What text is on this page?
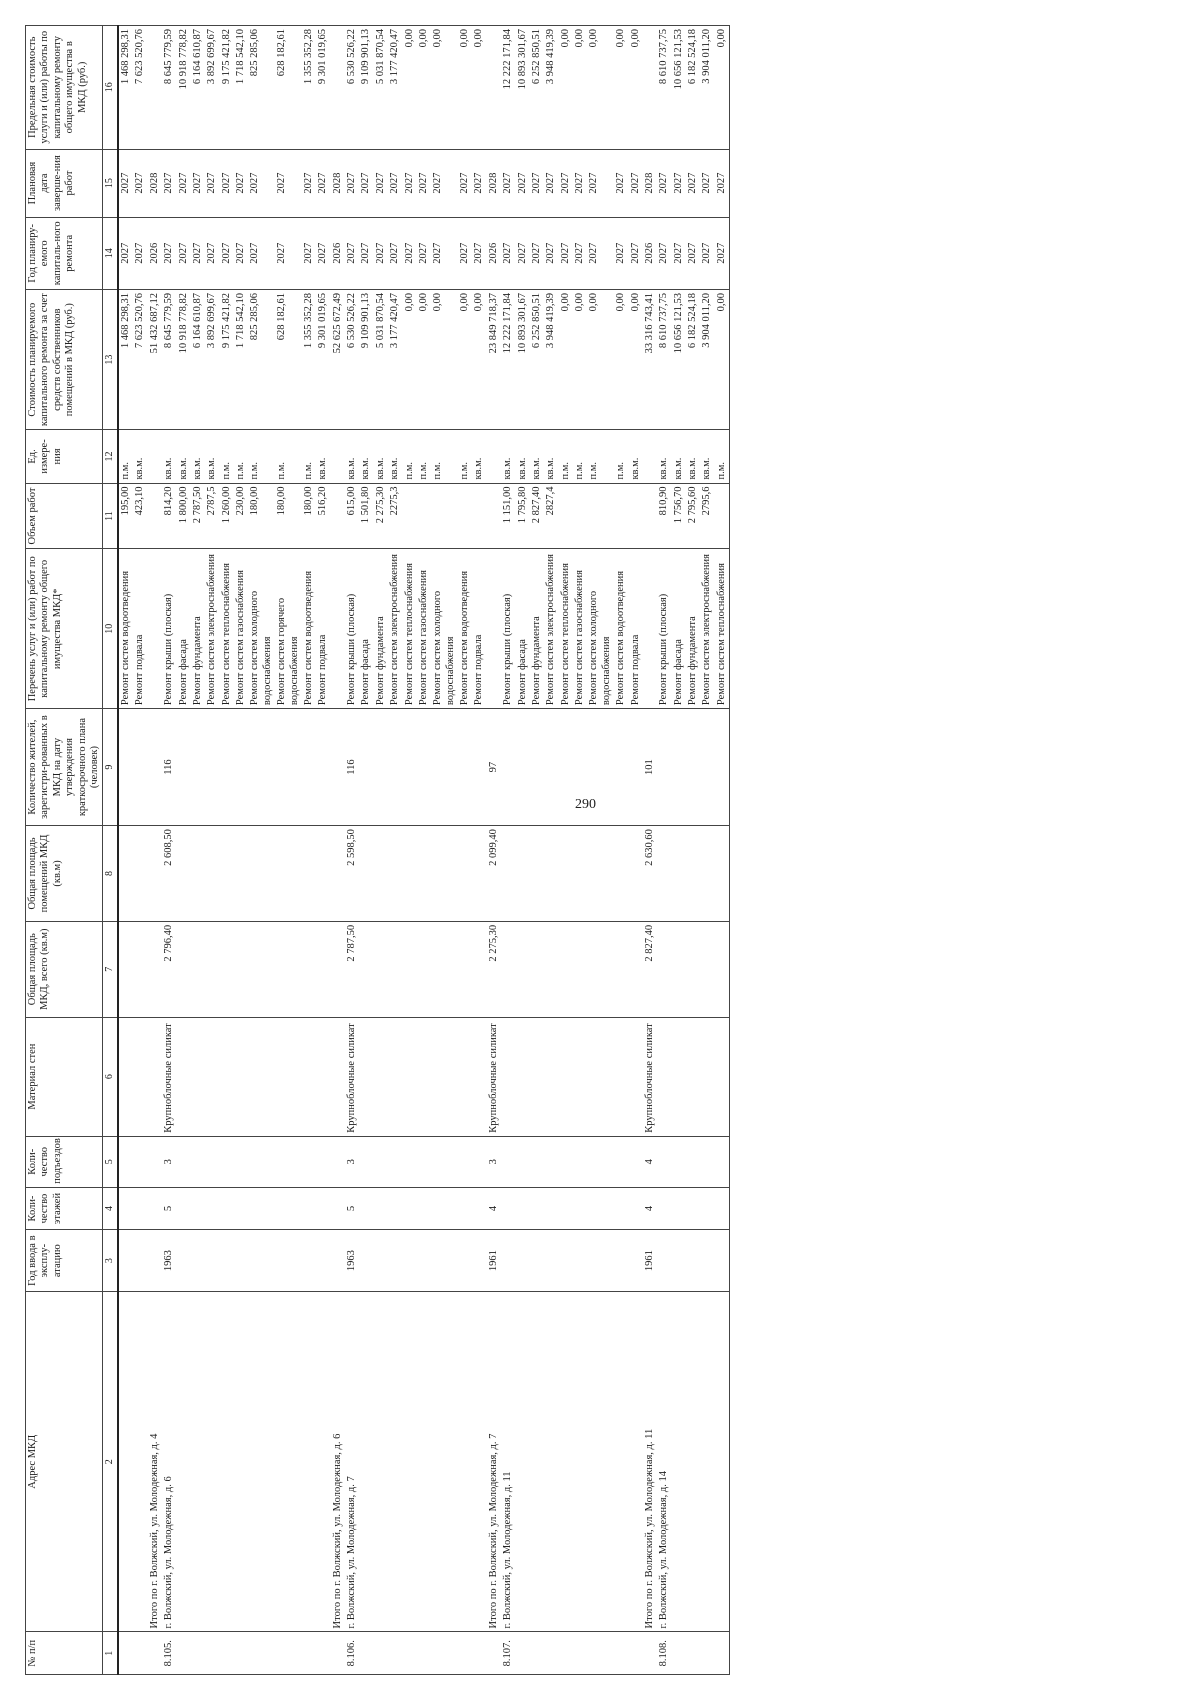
290
№ п/п	Адрес МКД	Год ввода в эксплу-атацию	Коли-чество этажей	Коли-чество подъездов	Материал стен	Общая площадь МКД, всего (кв.м)	Общая площадь помещений МКД (кв.м)	Количество жителей, зарегистри-рованных в МКД на дату утверждения краткосрочного плана (человек)	Перечень услуг и (или) работ по капитальному ремонту общего имущества МКД*	Объем работ	Ед. измере-ния	Стоимость планируемого капитального ремонта за счет средств собственников помещений в МКД (руб.)	Год планиру-емого капиталь-ного ремонта	Плановая дата заверше-ния работ	Предельная стоимость услуги и (или) работы по капитальному ремонту общего имущества в МКД (руб.)
1	2	3	4	5	6	7	8	9	10	11	12	13	14	15	16
									Ремонт систем водоотведения	195,00	п.м.	1 468 298,31	2027	2027	1 468 298,31
									Ремонт подвала	423,10	кв.м.	7 623 520,76	2027	2027	7 623 520,76
	Итого по г. Волжский, ул. Молодежная, д. 4											51 432 687,12	2026	2028	
8.105.	г. Волжский, ул. Молодежная, д. 6	1963	5	3	Крупноблочные силикат	2 796,40	2 608,50	116	Ремонт крыши (плоская)	814,20	кв.м.	8 645 779,59	2027	2027	8 645 779,59
									Ремонт фасада	1 800,00	кв.м.	10 918 778,82	2027	2027	10 918 778,82
									Ремонт фундамента	2 787,50	кв.м.	6 164 610,87	2027	2027	6 164 610,87
									Ремонт систем электроснабжения	2787,5	кв.м.	3 892 699,67	2027	2027	3 892 699,67
									Ремонт систем теплоснабжения	1 260,00	п.м.	9 175 421,82	2027	2027	9 175 421,82
									Ремонт систем газоснабжения	230,00	п.м.	1 718 542,10	2027	2027	1 718 542,10
									Ремонт систем холодного водоснабжения	180,00	п.м.	825 285,06	2027	2027	825 285,06
									Ремонт систем горячего водоснабжения	180,00	п.м.	628 182,61	2027	2027	628 182,61
									Ремонт систем водоотведения	180,00	п.м.	1 355 352,28	2027	2027	1 355 352,28
									Ремонт подвала	516,20	кв.м.	9 301 019,65	2027	2027	9 301 019,65
	Итого по г. Волжский, ул. Молодежная, д. 6											52 625 672,49	2026	2028	
8.106.	г. Волжский, ул. Молодежная, д. 7	1963	5	3	Крупноблочные силикат	2 787,50	2 598,50	116	Ремонт крыши (плоская)	615,00	кв.м.	6 530 526,22	2027	2027	6 530 526,22
									Ремонт фасада	1 501,80	кв.м.	9 109 901,13	2027	2027	9 109 901,13
									Ремонт фундамента	2 275,30	кв.м.	5 031 870,54	2027	2027	5 031 870,54
									Ремонт систем электроснабжения	2275,3	кв.м.	3 177 420,47	2027	2027	3 177 420,47
									Ремонт систем теплоснабжения		п.м.	0,00	2027	2027	0,00
									Ремонт систем газоснабжения		п.м.	0,00	2027	2027	0,00
									Ремонт систем холодного водоснабжения		п.м.	0,00	2027	2027	0,00
									Ремонт систем водоотведения		п.м.	0,00	2027	2027	0,00
									Ремонт подвала		кв.м.	0,00	2027	2027	0,00
	Итого по г. Волжский, ул. Молодежная, д. 7	1961	4	3	Крупноблочные силикат	2 275,30	2 099,40	97				23 849 718,37	2026	2028	
8.107.	г. Волжский, ул. Молодежная, д. 11								Ремонт крыши (плоская)	1 151,00	кв.м.	12 222 171,84	2027	2027	12 222 171,84
									Ремонт фасада	1 795,80	кв.м.	10 893 301,67	2027	2027	10 893 301,67
									Ремонт фундамента	2 827,40	кв.м.	6 252 850,51	2027	2027	6 252 850,51
									Ремонт систем электроснабжения	2827,4	кв.м.	3 948 419,39	2027	2027	3 948 419,39
									Ремонт систем теплоснабжения		п.м.	0,00	2027	2027	0,00
									Ремонт систем газоснабжения		п.м.	0,00	2027	2027	0,00
									Ремонт систем холодного водоснабжения		п.м.	0,00	2027	2027	0,00
									Ремонт систем водоотведения		п.м.	0,00	2027	2027	0,00
									Ремонт подвала		кв.м.	0,00	2027	2027	0,00
	Итого по г. Волжский, ул. Молодежная, д. 11	1961	4	4	Крупноблочные силикат	2 827,40	2 630,60	101				33 316 743,41	2026	2028	
8.108.	г. Волжский, ул. Молодежная, д. 14								Ремонт крыши (плоская)	810,90	кв.м.	8 610 737,75	2027	2027	8 610 737,75
									Ремонт фасада	1 756,70	кв.м.	10 656 121,53	2027	2027	10 656 121,53
									Ремонт фундамента	2 795,60	кв.м.	6 182 524,18	2027	2027	6 182 524,18
									Ремонт систем электроснабжения	2795,6	кв.м.	3 904 011,20	2027	2027	3 904 011,20
									Ремонт систем теплоснабжения		п.м.	0,00	2027	2027	0,00
